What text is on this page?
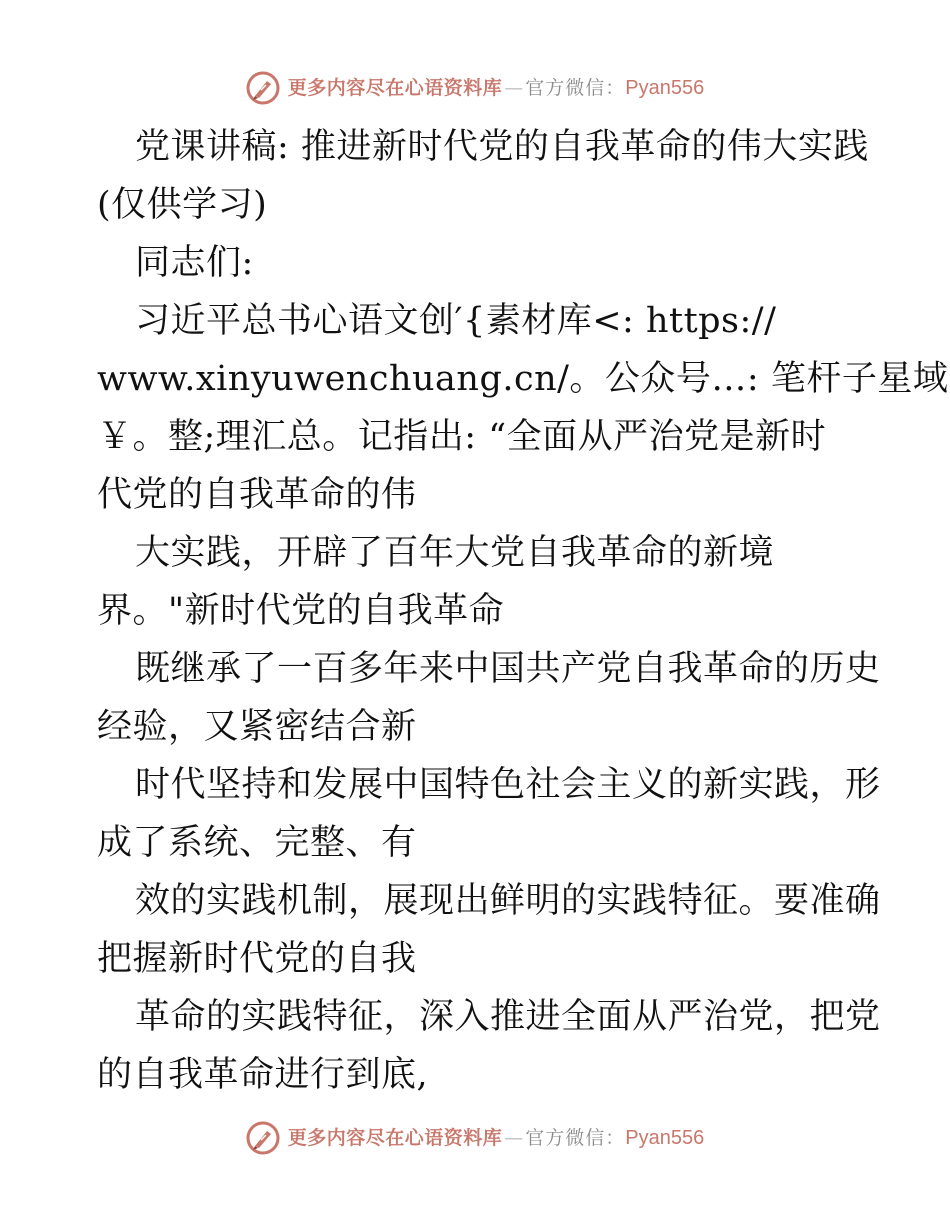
更多内容尽在心语资料库 — 官方微信： Pyan556
党课讲稿: 推进新时代党的自我革命的伟大实践
(仅供学习)
同志们:
习近平总书心语文创′{素材库<: https://
www.xinyuwenchuang.cn/。公众号…: 笔杆子星域
￥。整;理汇总。记指出: “全面从严治党是新时
代党的自我革命的伟
大实践，开辟了百年大党自我革命的新境
界。"新时代党的自我革命
既继承了一百多年来中国共产党自我革命的历史
经验，又紧密结合新
时代坚持和发展中国特色社会主义的新实践，形
成了系统、完整、有
效的实践机制，展现出鲜明的实践特征。要准确
把握新时代党的自我
革命的实践特征，深入推进全面从严治党，把党
的自我革命进行到底,
更多内容尽在心语资料库 — 官方微信： Pyan556
